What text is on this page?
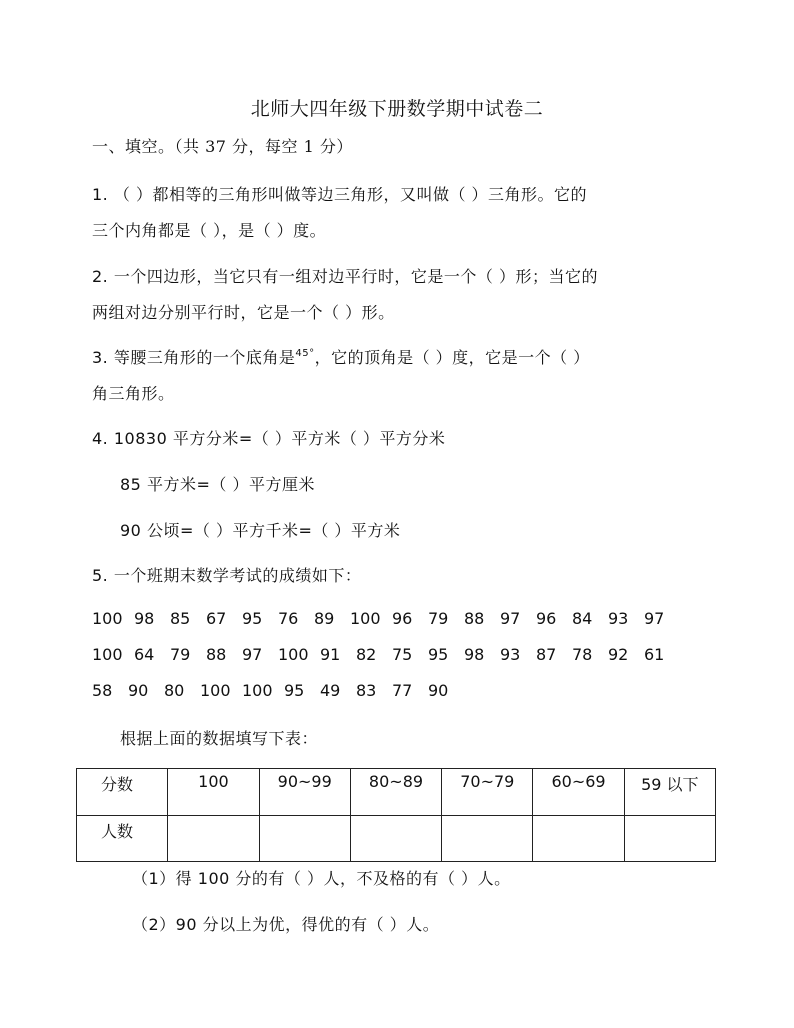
北师大四年级下册数学期中试卷二
一、填空。（共 37 分，每空 1 分）
1. （ ）都相等的三角形叫做等边三角形，又叫做（ ）三角形。它的
三个内角都是（ ），是（ ）度。
2. 一个四边形，当它只有一组对边平行时，它是一个（ ）形；当它的
两组对边分别平行时，它是一个（ ）形。
3. 等腰三角形的一个底角是$^{45^\circ}$，它的顶角是（ ）度，它是一个（ ）
角三角形。
4. 10830 平方分米=（ ）平方米（ ）平方分米
85 平方米=（ ）平方厘米
90 公顷=（ ）平方千米=（ ）平方米
5. 一个班期末数学考试的成绩如下：
100 98 85 67 95 76 89 100 96 79 88 97 96 84 93 97
100 64 79 88 97 100 91 82 75 95 98 93 87 78 92 61
58 90 80 100 100 95 49 83 77 90
根据上面的数据填写下表：
分数	100	90~99	80~89	70~79	60~69	59 以下
人数						
（1）得 100 分的有（ ）人，不及格的有（ ）人。
（2）90 分以上为优，得优的有（ ）人。
